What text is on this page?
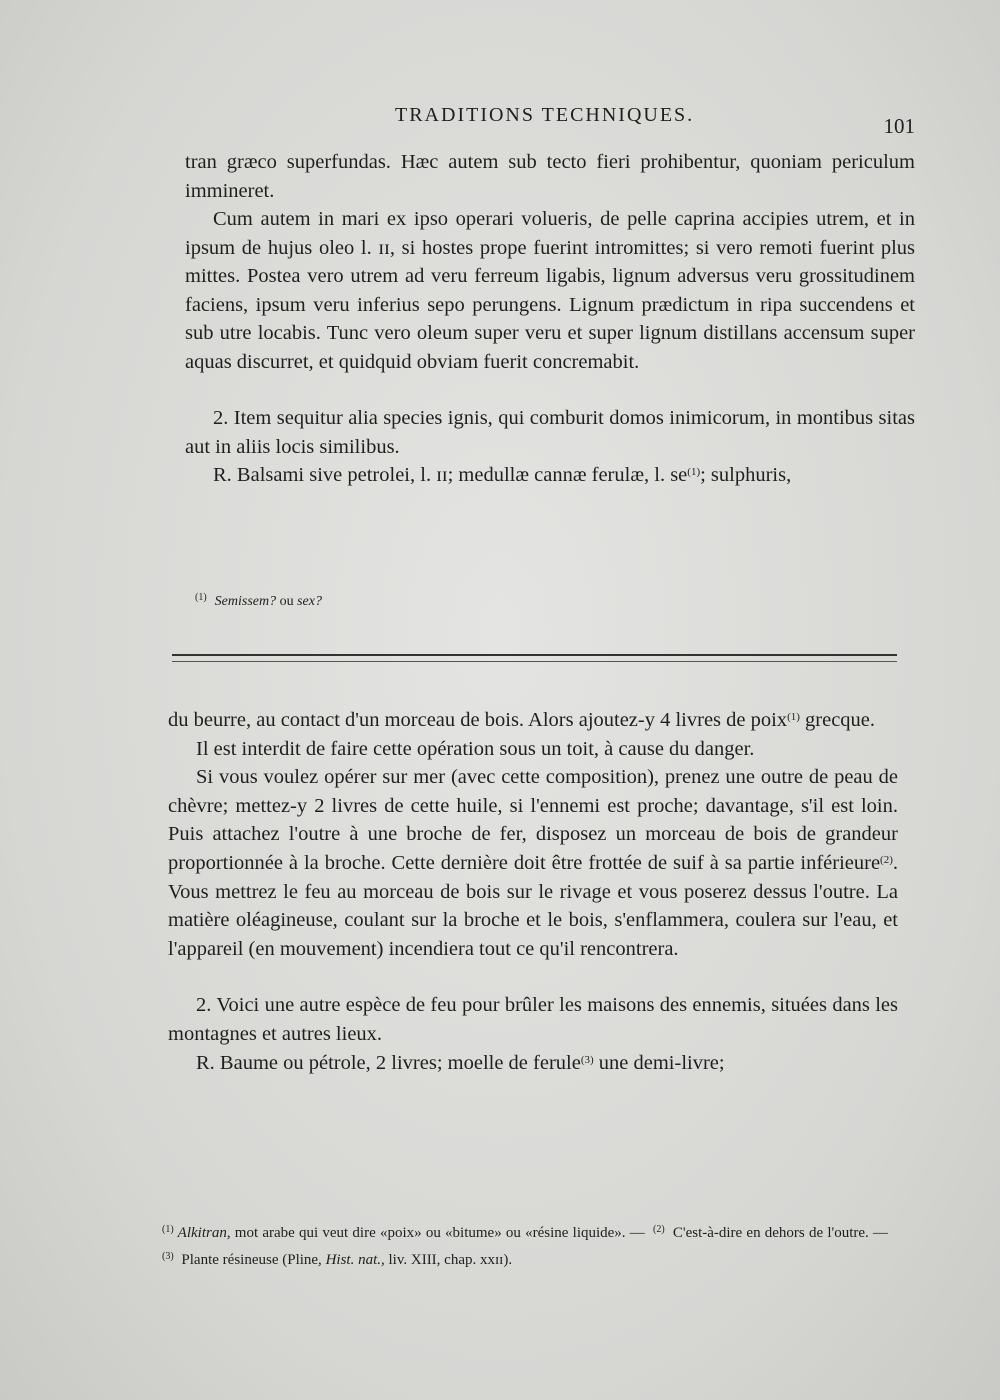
TRADITIONS TECHNIQUES.	101

tran græco superfundas. Hæc autem sub tecto fieri prohibentur, quoniam periculum immineret.

Cum autem in mari ex ipso operari volueris, de pelle caprina accipies utrem, et in ipsum de hujus oleo l. ɪɪ, si hostes prope fuerint intromittes; si vero remoti fuerint plus mittes. Postea vero utrem ad veru ferreum ligabis, lignum adversus veru grossitudinem faciens, ipsum veru inferius sepo perungens. Lignum prædictum in ripa succendens et sub utre locabis. Tunc vero oleum super veru et super lignum distillans accensum super aquas discurret, et quidquid obviam fuerit concremabit.

2. Item sequitur alia species ignis, qui comburit domos inimicorum, in montibus sitas aut in aliis locis similibus.

R. Balsami sive petrolei, l. ɪɪ; medullæ cannæ ferulæ, l. $se^{(1)}$; sulphuris,

$^{(1)}$ Semissem? ou sex?

du beurre, au contact d'un morceau de bois. Alors ajoutez-y 4 livres de poix$^{(1)}$ grecque.

Il est interdit de faire cette opération sous un toit, à cause du danger.

Si vous voulez opérer sur mer (avec cette composition), prenez une outre de peau de chèvre; mettez-y 2 livres de cette huile, si l'ennemi est proche; davantage, s'il est loin. Puis attachez l'outre à une broche de fer, disposez un morceau de bois de grandeur proportionnée à la broche. Cette dernière doit être frottée de suif à sa partie inférieure$^{(2)}$. Vous mettrez le feu au morceau de bois sur le rivage et vous poserez dessus l'outre. La matière oléagineuse, coulant sur la broche et le bois, s'enflammera, coulera sur l'eau, et l'appareil (en mouvement) incendiera tout ce qu'il rencontrera.

2. Voici une autre espèce de feu pour brûler les maisons des ennemis, situées dans les montagnes et autres lieux.

R. Baume ou pétrole, 2 livres; moelle de ferule$^{(3)}$ une demi-livre;

$^{(1)}$ Alkitran, mot arabe qui veut dire «poix» ou «bitume» ou «résine liquide». — $^{(2)}$ C'est-à-dire en dehors de l'outre. — $^{(3)}$ Plante résineuse (Pline, Hist. nat., liv. XIII, chap. xxɪɪ).
